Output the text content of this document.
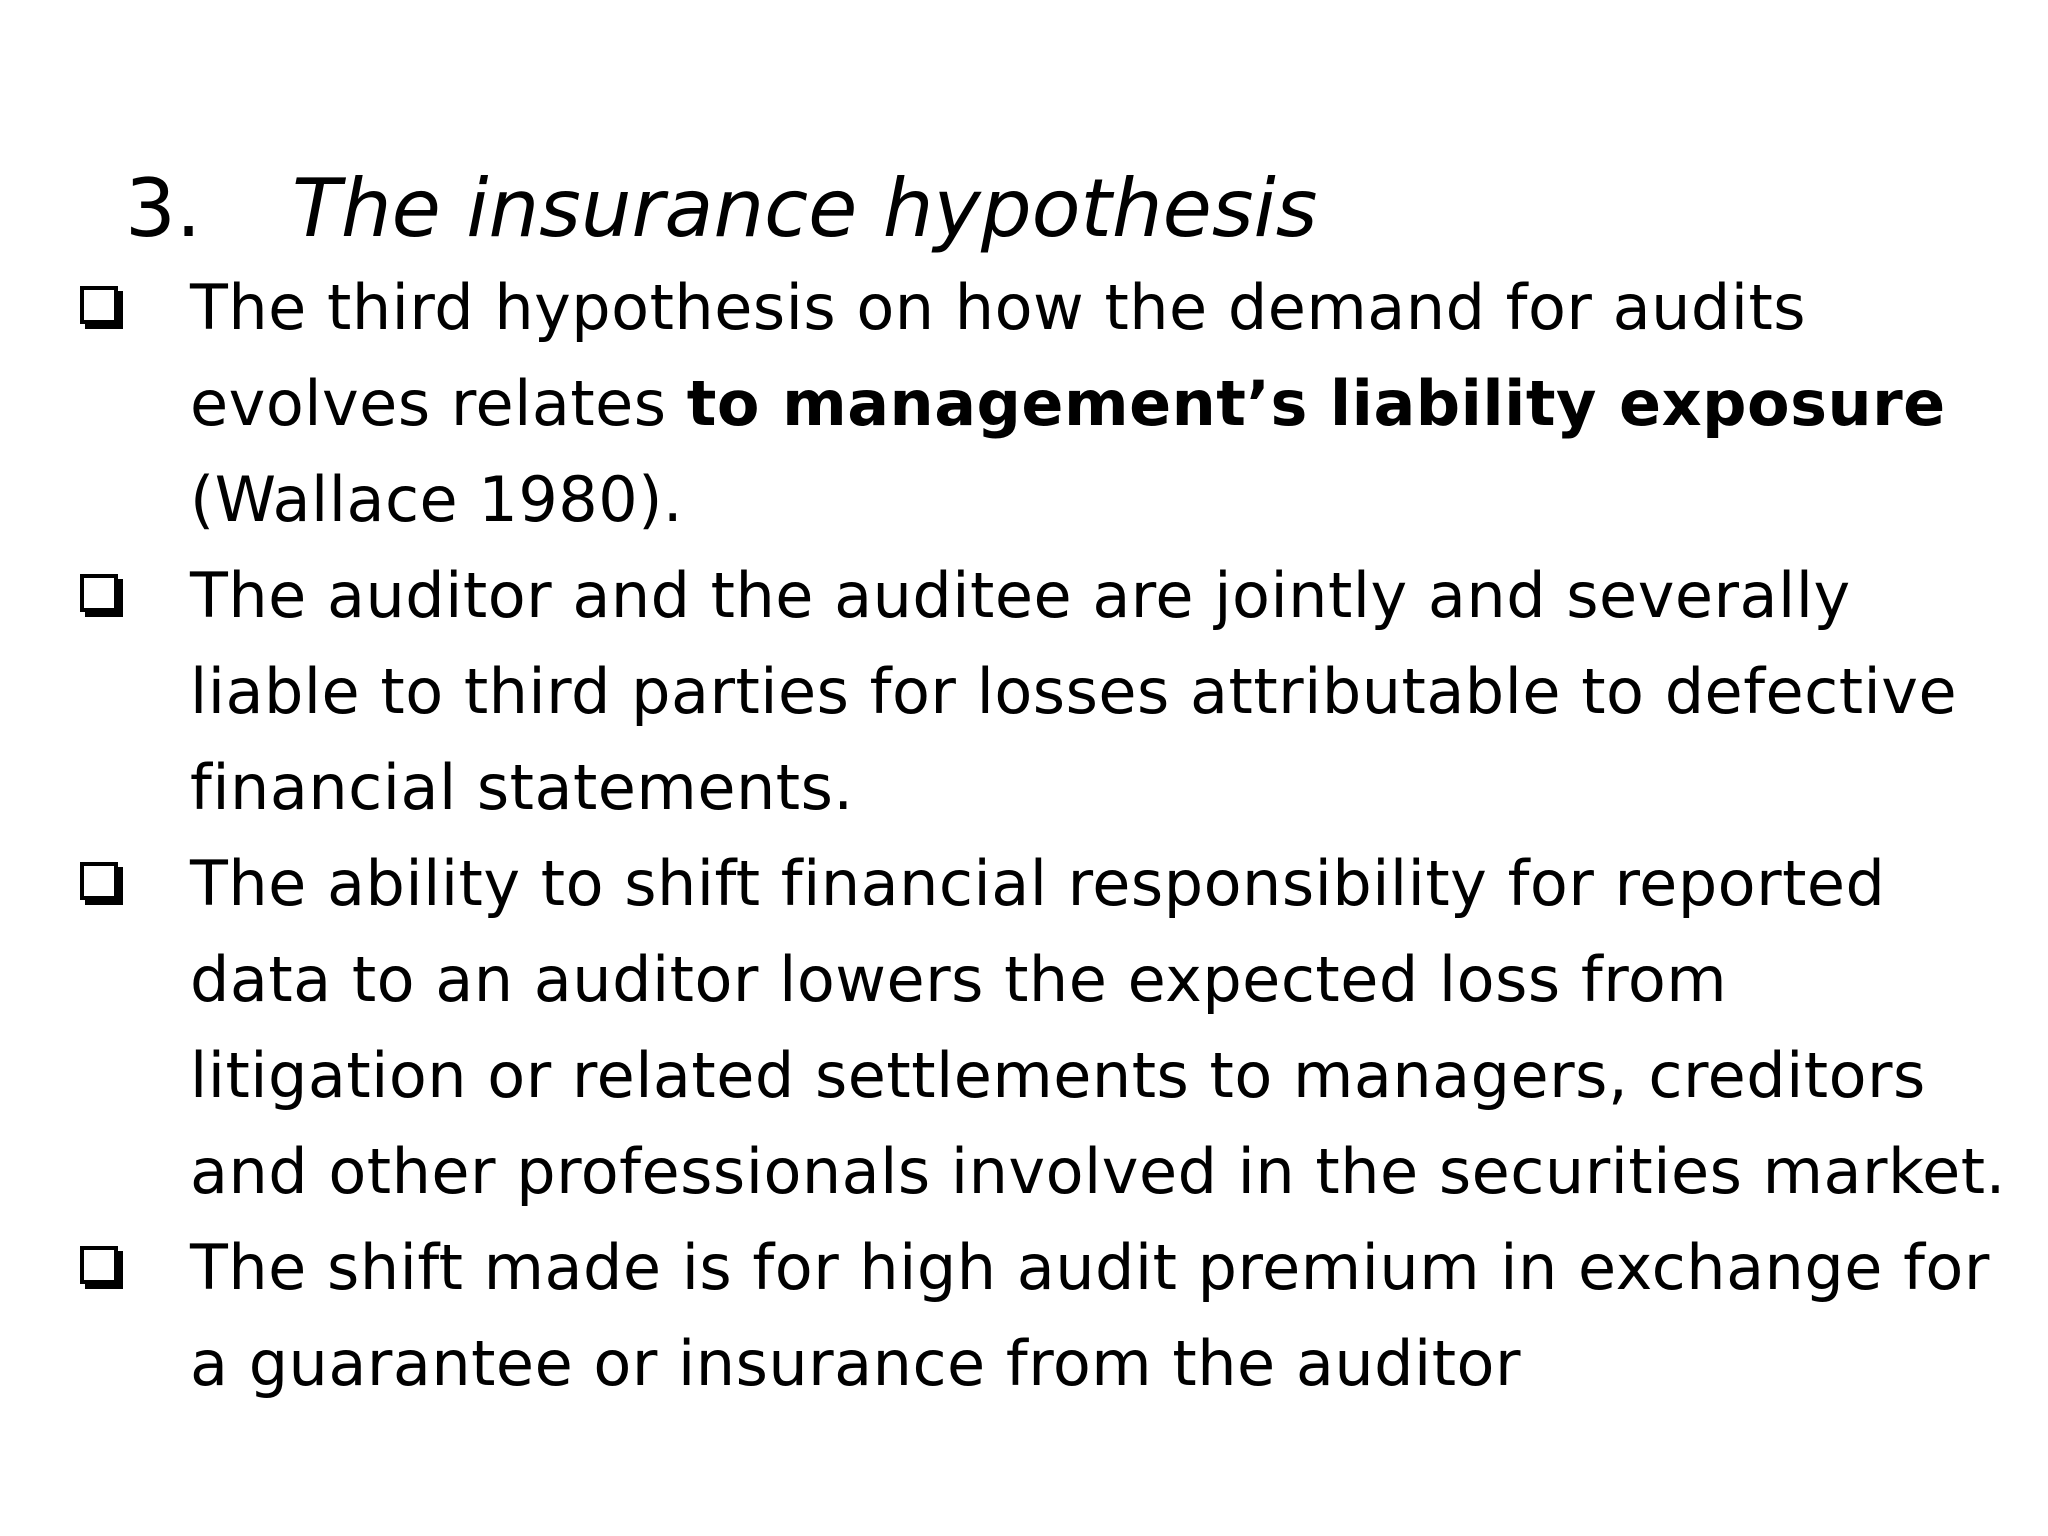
3. The insurance hypothesis
The third hypothesis on how the demand for audits evolves relates to management’s liability exposure (Wallace 1980).
The auditor and the auditee are jointly and severally liable to third parties for losses attributable to defective financial statements.
The ability to shift financial responsibility for reported data to an auditor lowers the expected loss from litigation or related settlements to managers, creditors and other professionals involved in the securities market.
The shift made is for high audit premium in exchange for a guarantee or insurance from the auditor
